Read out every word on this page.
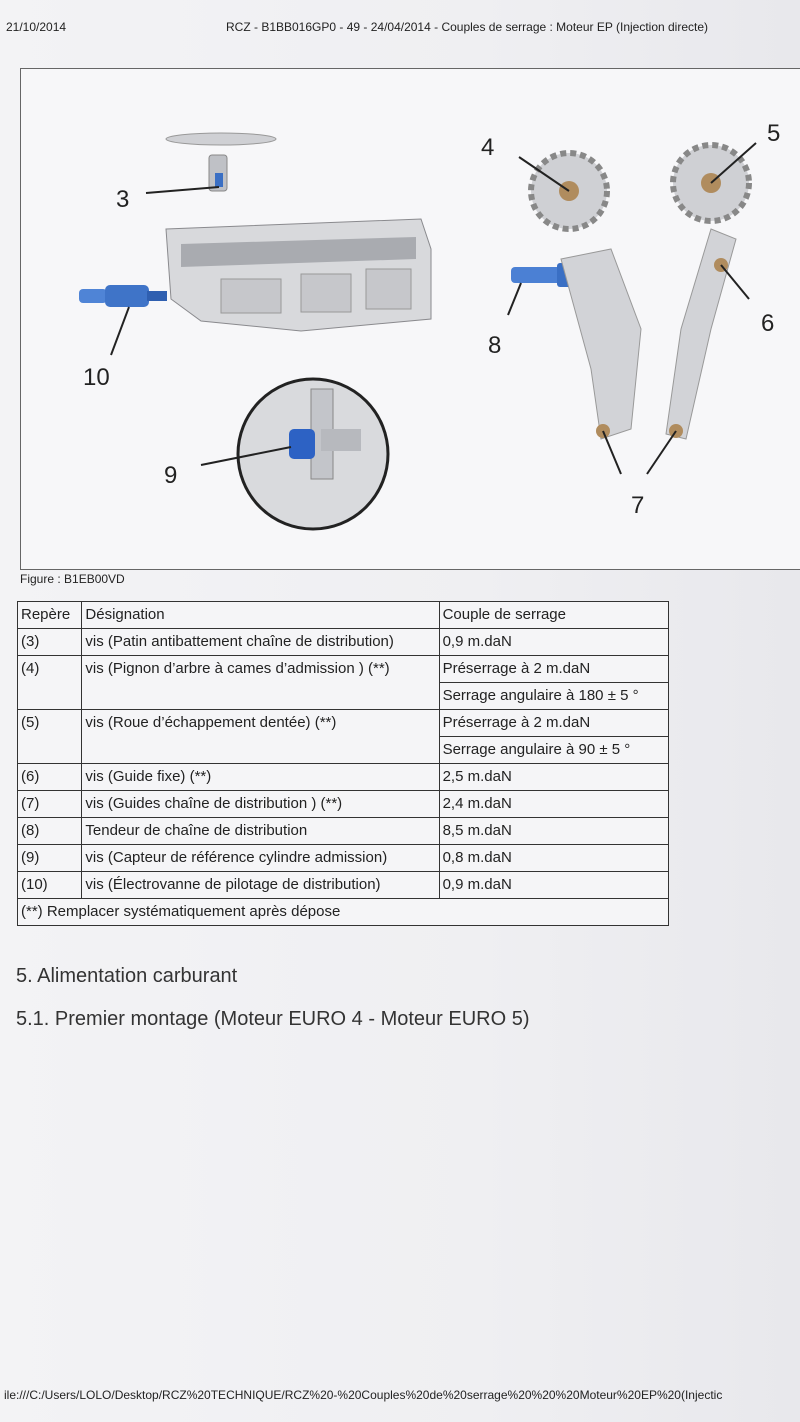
21/10/2014	RCZ - B1BB016GP0 - 49 - 24/04/2014 - Couples de serrage : Moteur EP (Injection directe)
3
4
5
6
7
8
9
10
Figure : B1EB00VD
Repère	Désignation	Couple de serrage
(3)	vis (Patin antibattement chaîne de distribution)	0,9 m.daN
(4)	vis (Pignon d’arbre à cames d’admission ) (**)	Préserrage à 2 m.daN
		Serrage angulaire à 180 ± 5 °
(5)	vis (Roue d’échappement dentée) (**)	Préserrage à 2 m.daN
		Serrage angulaire à 90 ± 5 °
(6)	vis (Guide fixe) (**)	2,5 m.daN
(7)	vis (Guides chaîne de distribution ) (**)	2,4 m.daN
(8)	Tendeur de chaîne de distribution	8,5 m.daN
(9)	vis (Capteur de référence cylindre admission)	0,8 m.daN
(10)	vis (Électrovanne de pilotage de distribution)	0,9 m.daN
(**) Remplacer systématiquement après dépose		
5. Alimentation carburant
5.1. Premier montage (Moteur EURO 4 - Moteur EURO 5)
ile:///C:/Users/LOLO/Desktop/RCZ%20TECHNIQUE/RCZ%20-%20Couples%20de%20serrage%20%20%20Moteur%20EP%20(Injectic
